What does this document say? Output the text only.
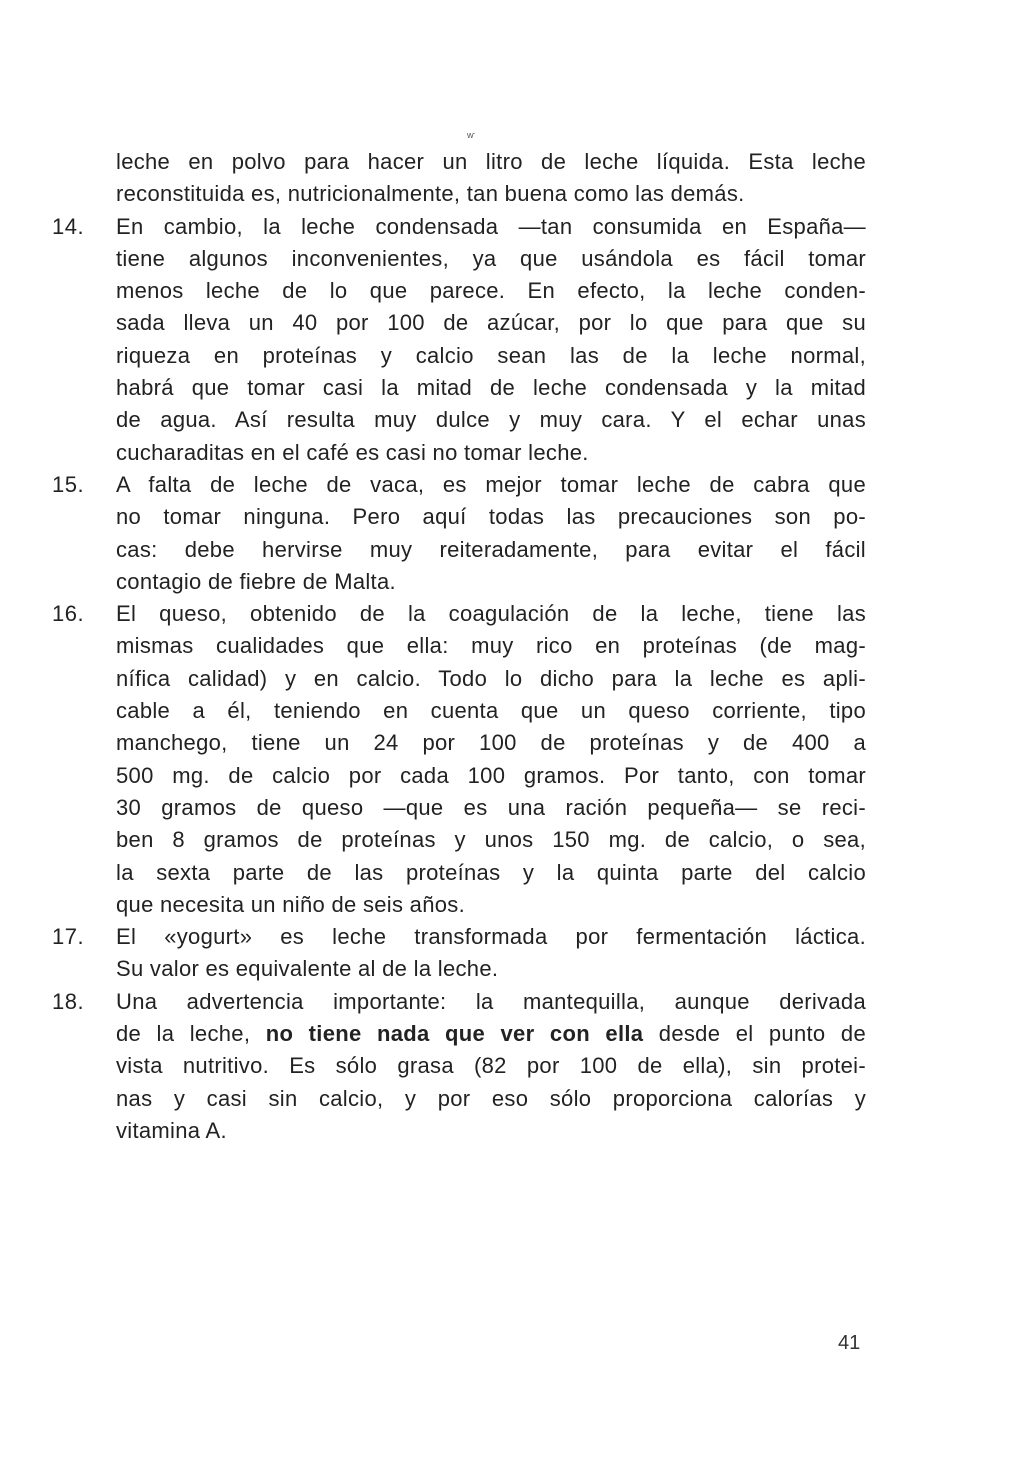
ⱳ
leche en polvo para hacer un litro de leche líquida. Esta leche
reconstituida es, nutricionalmente, tan buena como las demás.
14.	En cambio, la leche condensada —tan consumida en España—
tiene algunos inconvenientes, ya que usándola es fácil tomar
menos leche de lo que parece. En efecto, la leche conden-
sada lleva un 40 por 100 de azúcar, por lo que para que su
riqueza en proteínas y calcio sean las de la leche normal,
habrá que tomar casi la mitad de leche condensada y la mitad
de agua. Así resulta muy dulce y muy cara. Y el echar unas
cucharaditas en el café es casi no tomar leche.
15.	A falta de leche de vaca, es mejor tomar leche de cabra que
no tomar ninguna. Pero aquí todas las precauciones son po-
cas: debe hervirse muy reiteradamente, para evitar el fácil
contagio de fiebre de Malta.
16.	El queso, obtenido de la coagulación de la leche, tiene las
mismas cualidades que ella: muy rico en proteínas (de mag-
nífica calidad) y en calcio. Todo lo dicho para la leche es apli-
cable a él, teniendo en cuenta que un queso corriente, tipo
manchego, tiene un 24 por 100 de proteínas y de 400 a
500 mg. de calcio por cada 100 gramos. Por tanto, con tomar
30 gramos de queso —que es una ración pequeña— se reci-
ben 8 gramos de proteínas y unos 150 mg. de calcio, o sea,
la sexta parte de las proteínas y la quinta parte del calcio
que necesita un niño de seis años.
17.	El «yogurt» es leche transformada por fermentación láctica.
Su valor es equivalente al de la leche.
18.	Una advertencia importante: la mantequilla, aunque derivada
de la leche, no tiene nada que ver con ella desde el punto de
vista nutritivo. Es sólo grasa (82 por 100 de ella), sin protei-
nas y casi sin calcio, y por eso sólo proporciona calorías y
vitamina A.
41
